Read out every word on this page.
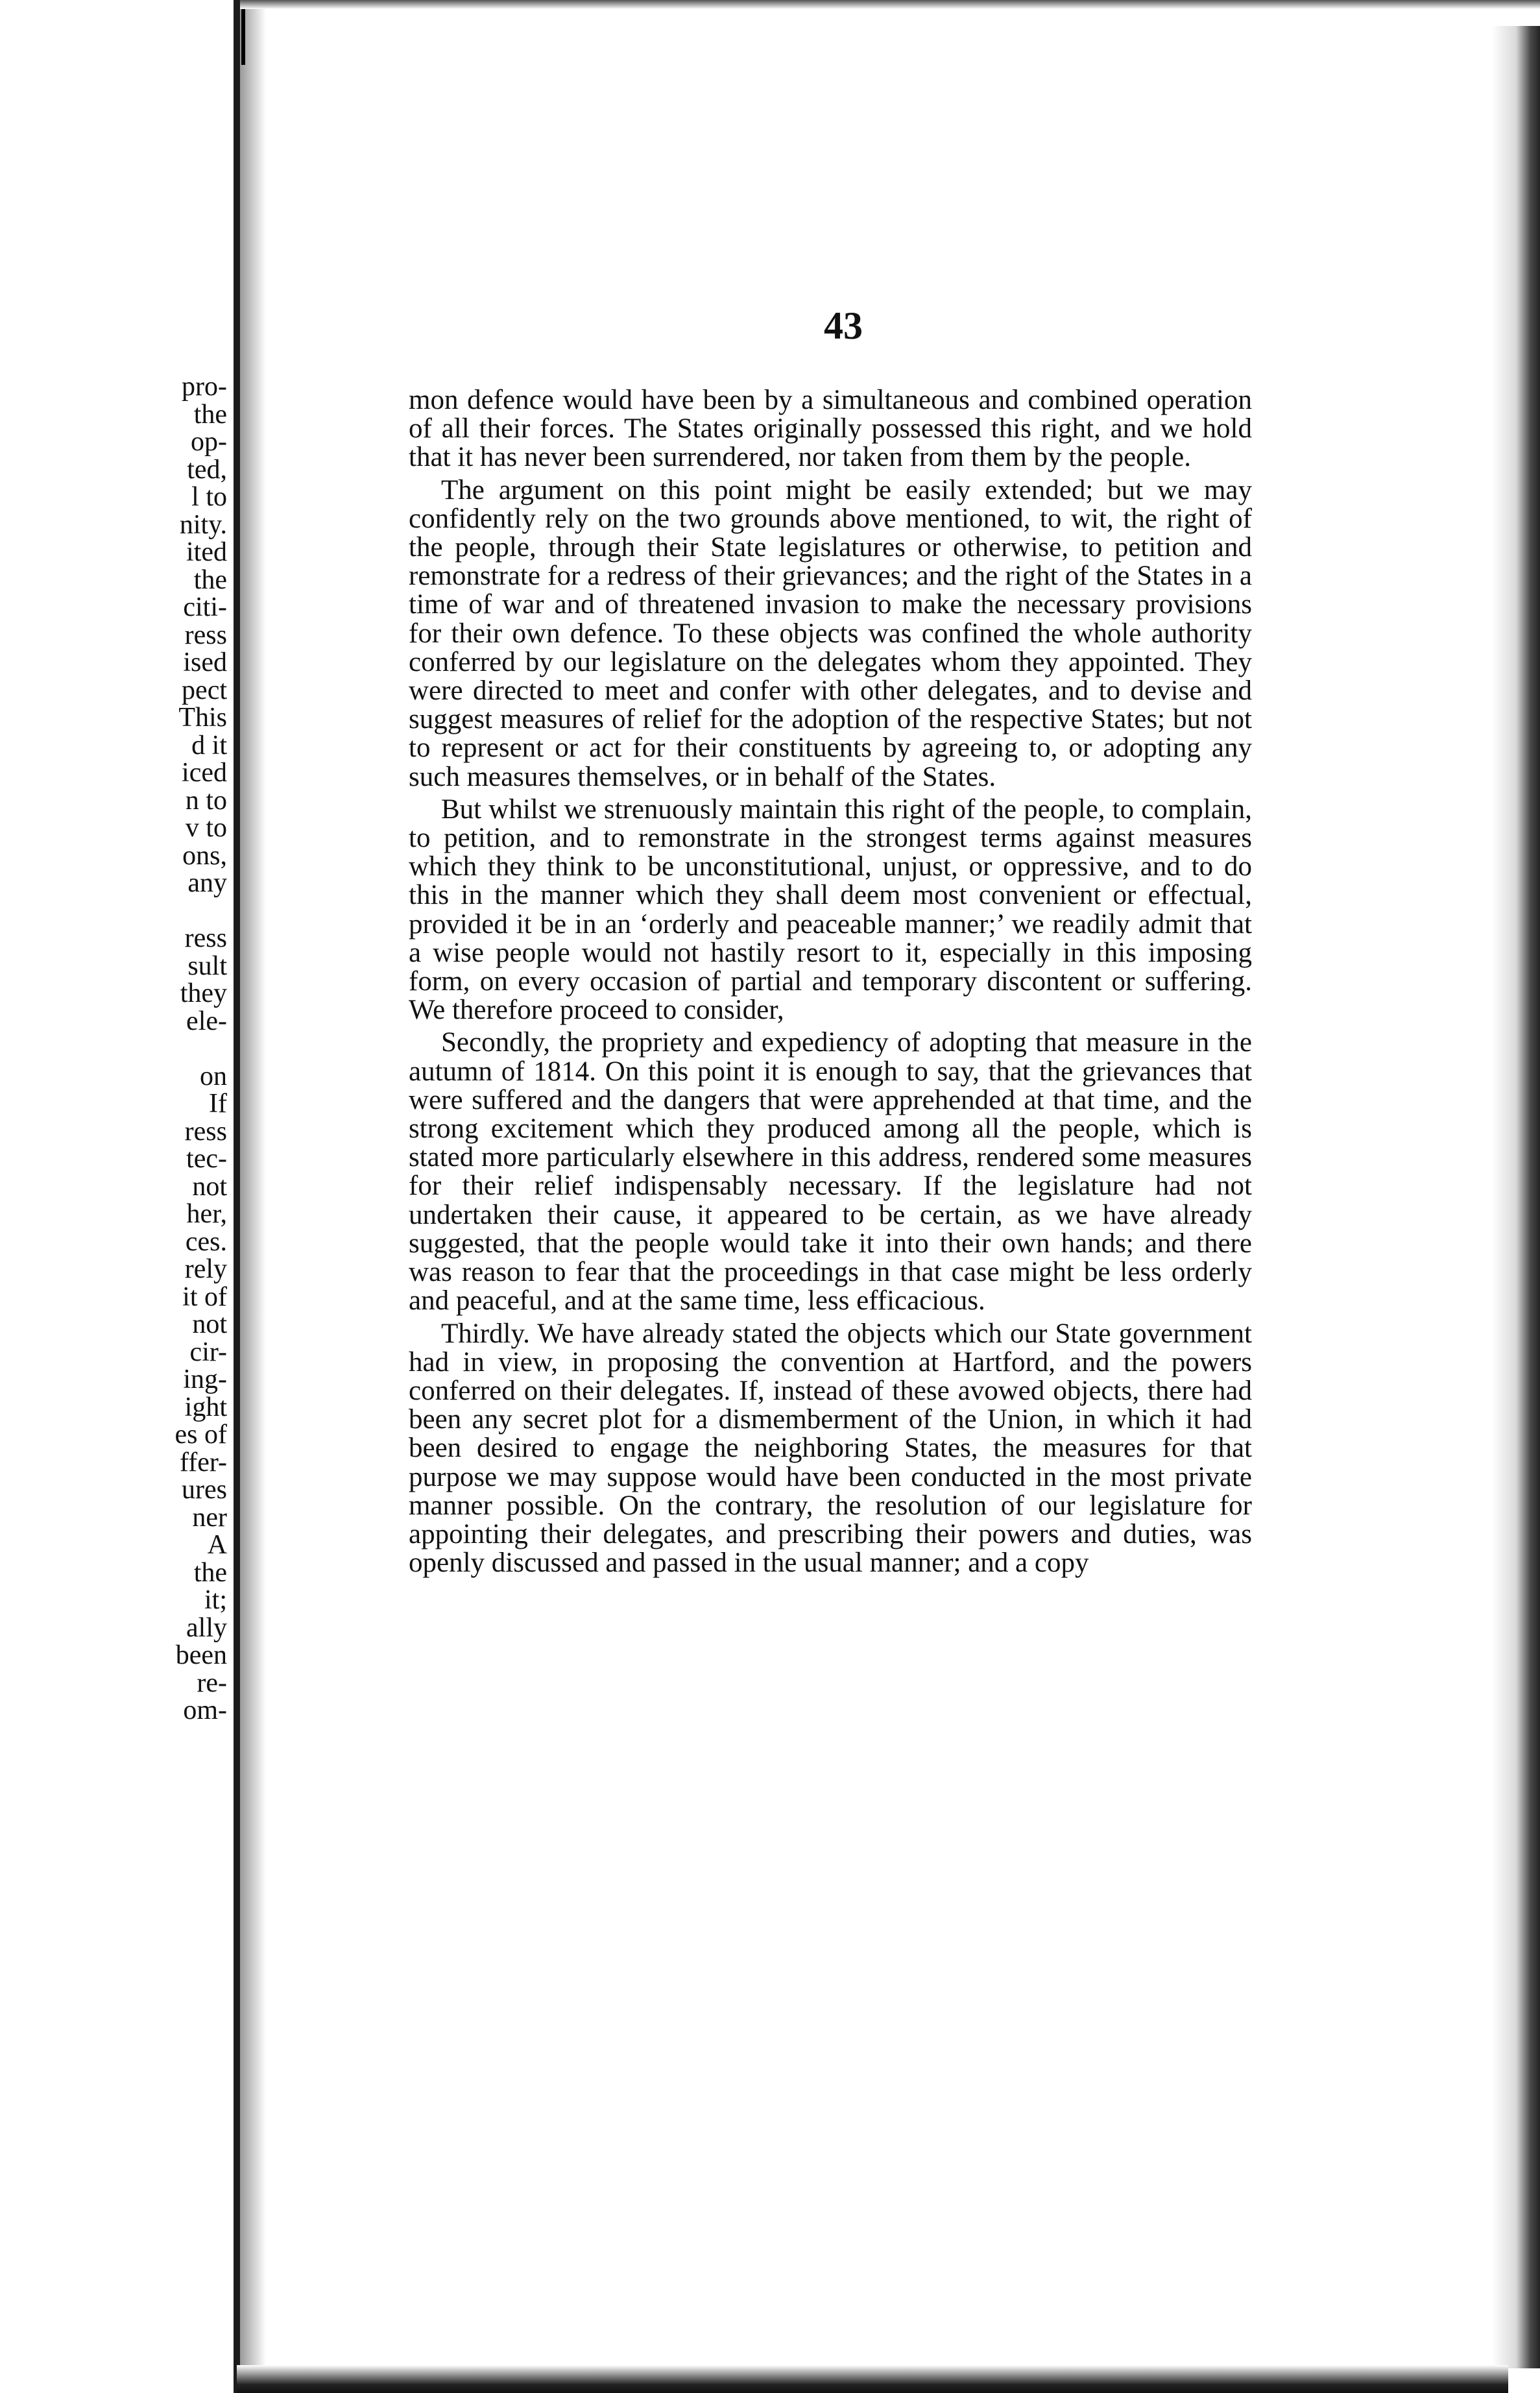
pro-
the
op-
ted,
l to
nity.
ited
the
citi-
ress
ised
pect
This
d it
iced
n to
v to
ons,
any

ress
sult
they
ele-

on
If
ress
tec-
not
her,
ces.
rely
it of
not
cir-
ing-
ight
es of
ffer-
ures
ner
A
the
it;
ally
been
re-
om-
43

mon defence would have been by a simultaneous and combined operation of all their forces. The States originally possessed this right, and we hold that it has never been surrendered, nor taken from them by the people.

The argument on this point might be easily extended; but we may confidently rely on the two grounds above mentioned, to wit, the right of the people, through their State legislatures or otherwise, to petition and remonstrate for a redress of their grievances; and the right of the States in a time of war and of threatened invasion to make the necessary provisions for their own defence. To these objects was confined the whole authority conferred by our legislature on the delegates whom they appointed. They were directed to meet and confer with other delegates, and to devise and suggest measures of relief for the adoption of the respective States; but not to represent or act for their constituents by agreeing to, or adopting any such measures themselves, or in behalf of the States.

But whilst we strenuously maintain this right of the people, to complain, to petition, and to remonstrate in the strongest terms against measures which they think to be unconstitutional, unjust, or oppressive, and to do this in the manner which they shall deem most convenient or effectual, provided it be in an ‘orderly and peaceable manner;’ we readily admit that a wise people would not hastily resort to it, especially in this imposing form, on every occasion of partial and temporary discontent or suffering. We therefore proceed to consider,

Secondly, the propriety and expediency of adopting that measure in the autumn of 1814. On this point it is enough to say, that the grievances that were suffered and the dangers that were apprehended at that time, and the strong excitement which they produced among all the people, which is stated more particularly elsewhere in this address, rendered some measures for their relief indispensably necessary. If the legislature had not undertaken their cause, it appeared to be certain, as we have already suggested, that the people would take it into their own hands; and there was reason to fear that the proceedings in that case might be less orderly and peaceful, and at the same time, less efficacious.

Thirdly. We have already stated the objects which our State government had in view, in proposing the convention at Hartford, and the powers conferred on their delegates. If, instead of these avowed objects, there had been any secret plot for a dismemberment of the Union, in which it had been desired to engage the neighboring States, the measures for that purpose we may suppose would have been conducted in the most private manner possible. On the contrary, the resolution of our legislature for appointing their delegates, and prescribing their powers and duties, was openly discussed and passed in the usual manner; and a copy
